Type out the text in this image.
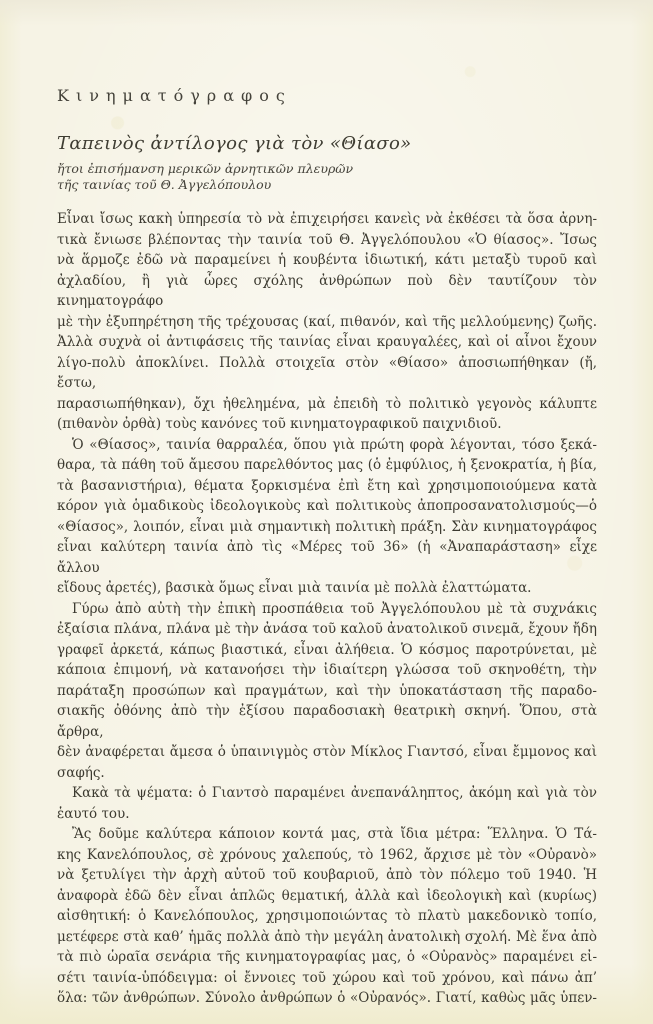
Κινηματόγραφος
Ταπεινὸς ἀντίλογος γιὰ τὸν «Θίασο»
ἤτοι ἐπισήμανση μερικῶν ἀρνητικῶν πλευρῶν
τῆς ταινίας τοῦ Θ. Ἀγγελόπουλου
Εἶναι ἴσως κακὴ ὑπηρεσία τὸ νὰ ἐπιχειρήσει κανεὶς νὰ ἐκθέσει τὰ ὅσα ἀρνη-
τικὰ ἔνιωσε βλέποντας τὴν ταινία τοῦ Θ. Ἀγγελόπουλου «Ὁ θίασος». Ἴσως
νὰ ἅρμοζε ἐδῶ νὰ παραμείνει ἡ κουβέντα ἰδιωτική, κάτι μεταξὺ τυροῦ καὶ
ἀχλαδίου, ἢ γιὰ ὧρες σχόλης ἀνθρώπων ποὺ δὲν ταυτίζουν τὸν κινηματογράφο
μὲ τὴν ἐξυπηρέτηση τῆς τρέχουσας (καί, πιθανόν, καὶ τῆς μελλούμενης) ζωῆς.
Ἀλλὰ συχνὰ οἱ ἀντιφάσεις τῆς ταινίας εἶναι κραυγαλέες, καὶ οἱ αἶνοι ἔχουν
λίγο-πολὺ ἀποκλίνει. Πολλὰ στοιχεῖα στὸν «Θίασο» ἀποσιωπήθηκαν (ἤ, ἔστω,
παρασιωπήθηκαν), ὄχι ἠθελημένα, μὰ ἐπειδὴ τὸ πολιτικὸ γεγονὸς κάλυπτε
(πιθανὸν ὀρθὰ) τοὺς κανόνες τοῦ κινηματογραφικοῦ παιχνιδιοῦ.
Ὁ «Θίασος», ταινία θαρραλέα, ὅπου γιὰ πρώτη φορὰ λέγονται, τόσο ξεκά-
θαρα, τὰ πάθη τοῦ ἄμεσου παρελθόντος μας (ὁ ἐμφύλιος, ἡ ξενοκρατία, ἡ βία,
τὰ βασανιστήρια), θέματα ξορκισμένα ἐπὶ ἔτη καὶ χρησιμοποιούμενα κατὰ
κόρον γιὰ ὁμαδικοὺς ἰδεολογικοὺς καὶ πολιτικοὺς ἀποπροσανατολισμούς—ὁ
«Θίασος», λοιπόν, εἶναι μιὰ σημαντικὴ πολιτικὴ πράξη. Σὰν κινηματογράφος
εἶναι καλύτερη ταινία ἀπὸ τὶς «Μέρες τοῦ 36» (ἡ «Ἀναπαράσταση» εἶχε ἄλλου
εἴδους ἀρετές), βασικὰ ὅμως εἶναι μιὰ ταινία μὲ πολλὰ ἐλαττώματα.
Γύρω ἀπὸ αὐτὴ τὴν ἐπικὴ προσπάθεια τοῦ Ἀγγελόπουλου μὲ τὰ συχνάκις
ἐξαίσια πλάνα, πλάνα μὲ τὴν ἀνάσα τοῦ καλοῦ ἀνατολικοῦ σινεμᾶ, ἔχουν ἤδη
γραφεῖ ἀρκετά, κάπως βιαστικά, εἶναι ἀλήθεια. Ὁ κόσμος παροτρύνεται, μὲ
κάποια ἐπιμονή, νὰ κατανοήσει τὴν ἰδιαίτερη γλώσσα τοῦ σκηνοθέτη, τὴν
παράταξη προσώπων καὶ πραγμάτων, καὶ τὴν ὑποκατάσταση τῆς παραδο-
σιακῆς ὀθόνης ἀπὸ τὴν ἐξίσου παραδοσιακὴ θεατρικὴ σκηνή. Ὅπου, στὰ ἄρθρα,
δὲν ἀναφέρεται ἄμεσα ὁ ὑπαινιγμὸς στὸν Μίκλος Γιαντσό, εἶναι ἔμμονος καὶ
σαφής.
Κακὰ τὰ ψέματα: ὁ Γιαντσὸ παραμένει ἀνεπανάληπτος, ἀκόμη καὶ γιὰ τὸν
ἑαυτό του.
Ἂς δοῦμε καλύτερα κάποιον κοντά μας, στὰ ἴδια μέτρα: Ἕλληνα. Ὁ Τά-
κης Κανελόπουλος, σὲ χρόνους χαλεπούς, τὸ 1962, ἄρχισε μὲ τὸν «Οὐρανὸ»
νὰ ξετυλίγει τὴν ἀρχὴ αὐτοῦ τοῦ κουβαριοῦ, ἀπὸ τὸν πόλεμο τοῦ 1940. Ἡ
ἀναφορὰ ἐδῶ δὲν εἶναι ἁπλῶς θεματική, ἀλλὰ καὶ ἰδεολογικὴ καὶ (κυρίως)
αἰσθητική: ὁ Κανελόπουλος, χρησιμοποιώντας τὸ πλατὺ μακεδονικὸ τοπίο,
μετέφερε στὰ καθ’ ἡμᾶς πολλὰ ἀπὸ τὴν μεγάλη ἀνατολικὴ σχολή. Μὲ ἕνα ἀπὸ
τὰ πιὸ ὡραῖα σενάρια τῆς κινηματογραφίας μας, ὁ «Οὐρανὸς» παραμένει εἰ-
σέτι ταινία-ὑπόδειγμα: οἱ ἔννοιες τοῦ χώρου καὶ τοῦ χρόνου, καὶ πάνω ἀπ’
ὅλα: τῶν ἀνθρώπων. Σύνολο ἀνθρώπων ὁ «Οὐρανός». Γιατί, καθὼς μᾶς ὑπεν-
